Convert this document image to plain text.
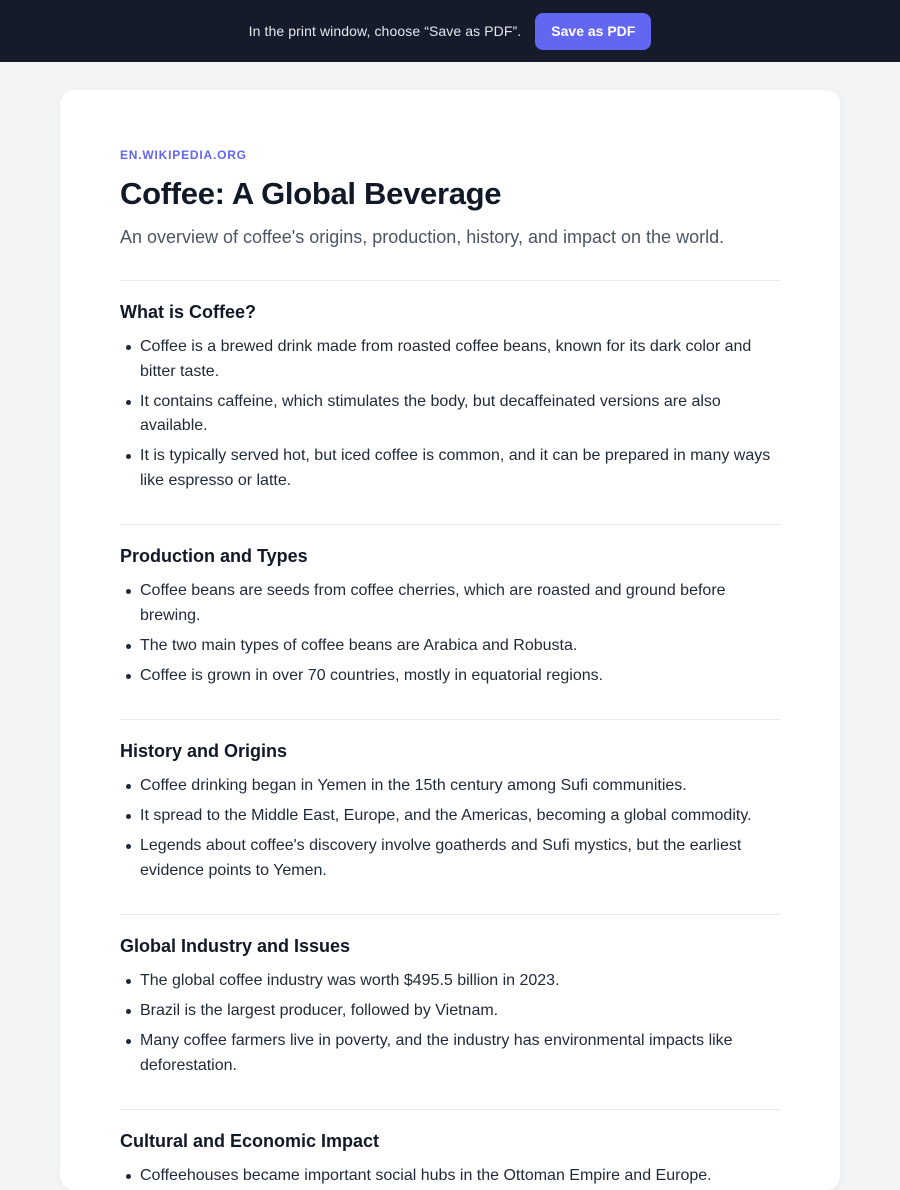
In the print window, choose “Save as PDF”.	Save as PDF
EN.WIKIPEDIA.ORG
Coffee: A Global Beverage

An overview of coffee's origins, production, history, and impact on the world.

What is Coffee?
Coffee is a brewed drink made from roasted coffee beans, known for its dark color and bitter taste.
It contains caffeine, which stimulates the body, but decaffeinated versions are also available.
It is typically served hot, but iced coffee is common, and it can be prepared in many ways like espresso or latte.
Production and Types
Coffee beans are seeds from coffee cherries, which are roasted and ground before brewing.
The two main types of coffee beans are Arabica and Robusta.
Coffee is grown in over 70 countries, mostly in equatorial regions.
History and Origins
Coffee drinking began in Yemen in the 15th century among Sufi communities.
It spread to the Middle East, Europe, and the Americas, becoming a global commodity.
Legends about coffee's discovery involve goatherds and Sufi mystics, but the earliest evidence points to Yemen.
Global Industry and Issues
The global coffee industry was worth $495.5 billion in 2023.
Brazil is the largest producer, followed by Vietnam.
Many coffee farmers live in poverty, and the industry has environmental impacts like deforestation.
Cultural and Economic Impact
Coffeehouses became important social hubs in the Ottoman Empire and Europe.
